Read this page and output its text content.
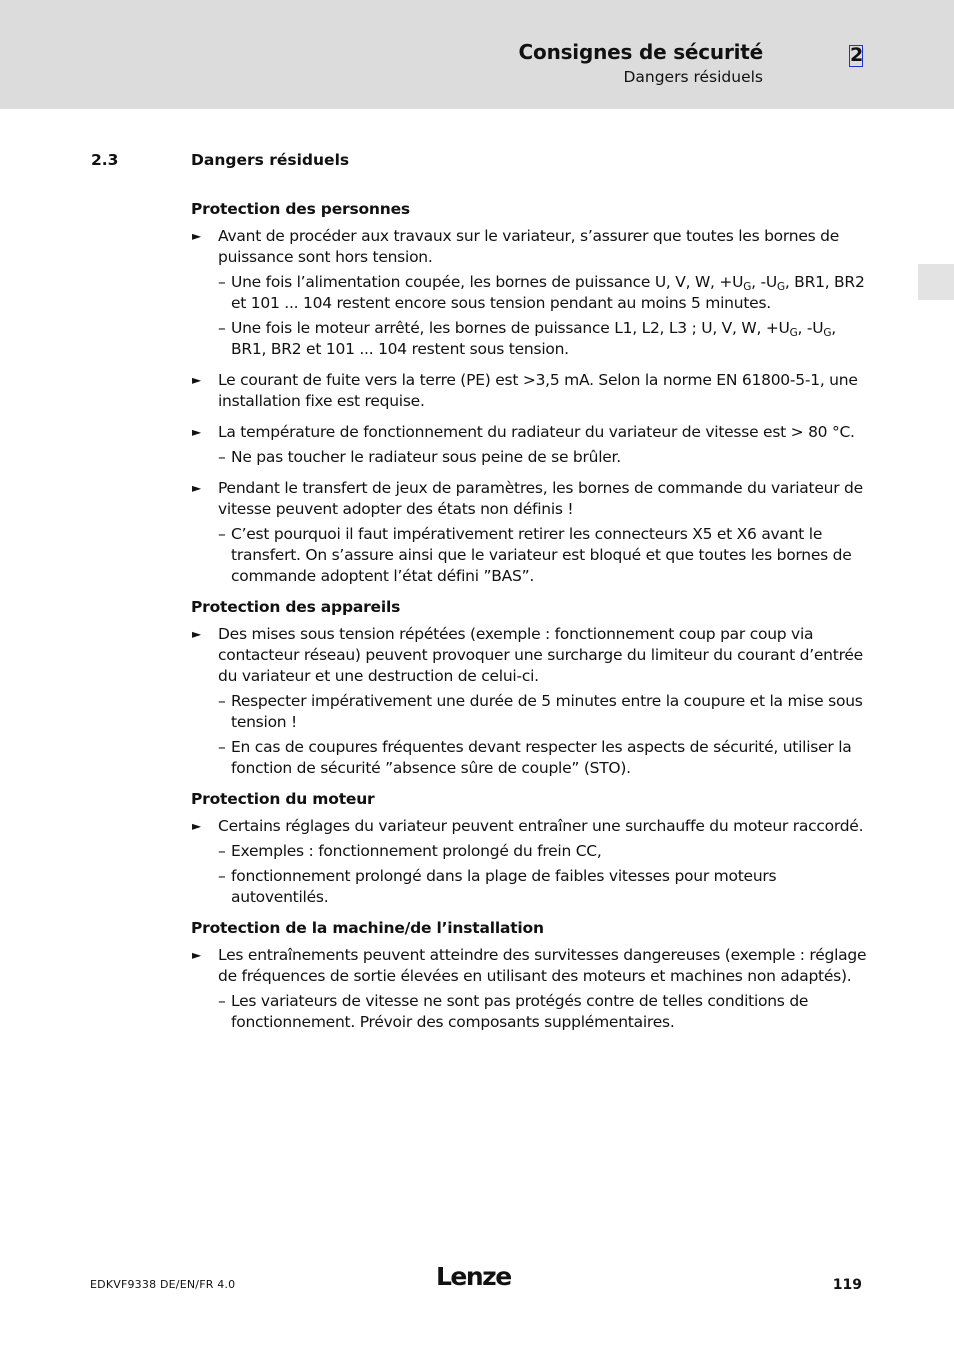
Consignes de sécurité
Dangers résiduels
2
2.3	Dangers résiduels
Protection des personnes
► Avant de procéder aux travaux sur le variateur, s’assurer que toutes les bornes de puissance sont hors tension.
– Une fois l’alimentation coupée, les bornes de puissance U, V, W, $+U_G$, $-U_G$, BR1, BR2 et 101 ... 104 restent encore sous tension pendant au moins 5 minutes.
– Une fois le moteur arrêté, les bornes de puissance L1, L2, L3 ; U, V, W, $+U_G$, $-U_G$, BR1, BR2 et 101 ... 104 restent sous tension.
► Le courant de fuite vers la terre (PE) est >3,5 mA. Selon la norme EN 61800-5-1, une installation fixe est requise.
► La température de fonctionnement du radiateur du variateur de vitesse est > 80 °C.
– Ne pas toucher le radiateur sous peine de se brûler.
► Pendant le transfert de jeux de paramètres, les bornes de commande du variateur de vitesse peuvent adopter des états non définis !
– C’est pourquoi il faut impérativement retirer les connecteurs X5 et X6 avant le transfert. On s’assure ainsi que le variateur est bloqué et que toutes les bornes de commande adoptent l’état défini ”BAS”.
Protection des appareils
► Des mises sous tension répétées (exemple : fonctionnement coup par coup via contacteur réseau) peuvent provoquer une surcharge du limiteur du courant d’entrée du variateur et une destruction de celui-ci.
– Respecter impérativement une durée de 5 minutes entre la coupure et la mise sous tension !
– En cas de coupures fréquentes devant respecter les aspects de sécurité, utiliser la fonction de sécurité ”absence sûre de couple” (STO).
Protection du moteur
► Certains réglages du variateur peuvent entraîner une surchauffe du moteur raccordé.
– Exemples : fonctionnement prolongé du frein CC,
– fonctionnement prolongé dans la plage de faibles vitesses pour moteurs autoventilés.
Protection de la machine/de l’installation
► Les entraînements peuvent atteindre des survitesses dangereuses (exemple : réglage de fréquences de sortie élevées en utilisant des moteurs et machines non adaptés).
– Les variateurs de vitesse ne sont pas protégés contre de telles conditions de fonctionnement. Prévoir des composants supplémentaires.
EDKVF9338 DE/EN/FR 4.0	Lenze	119
